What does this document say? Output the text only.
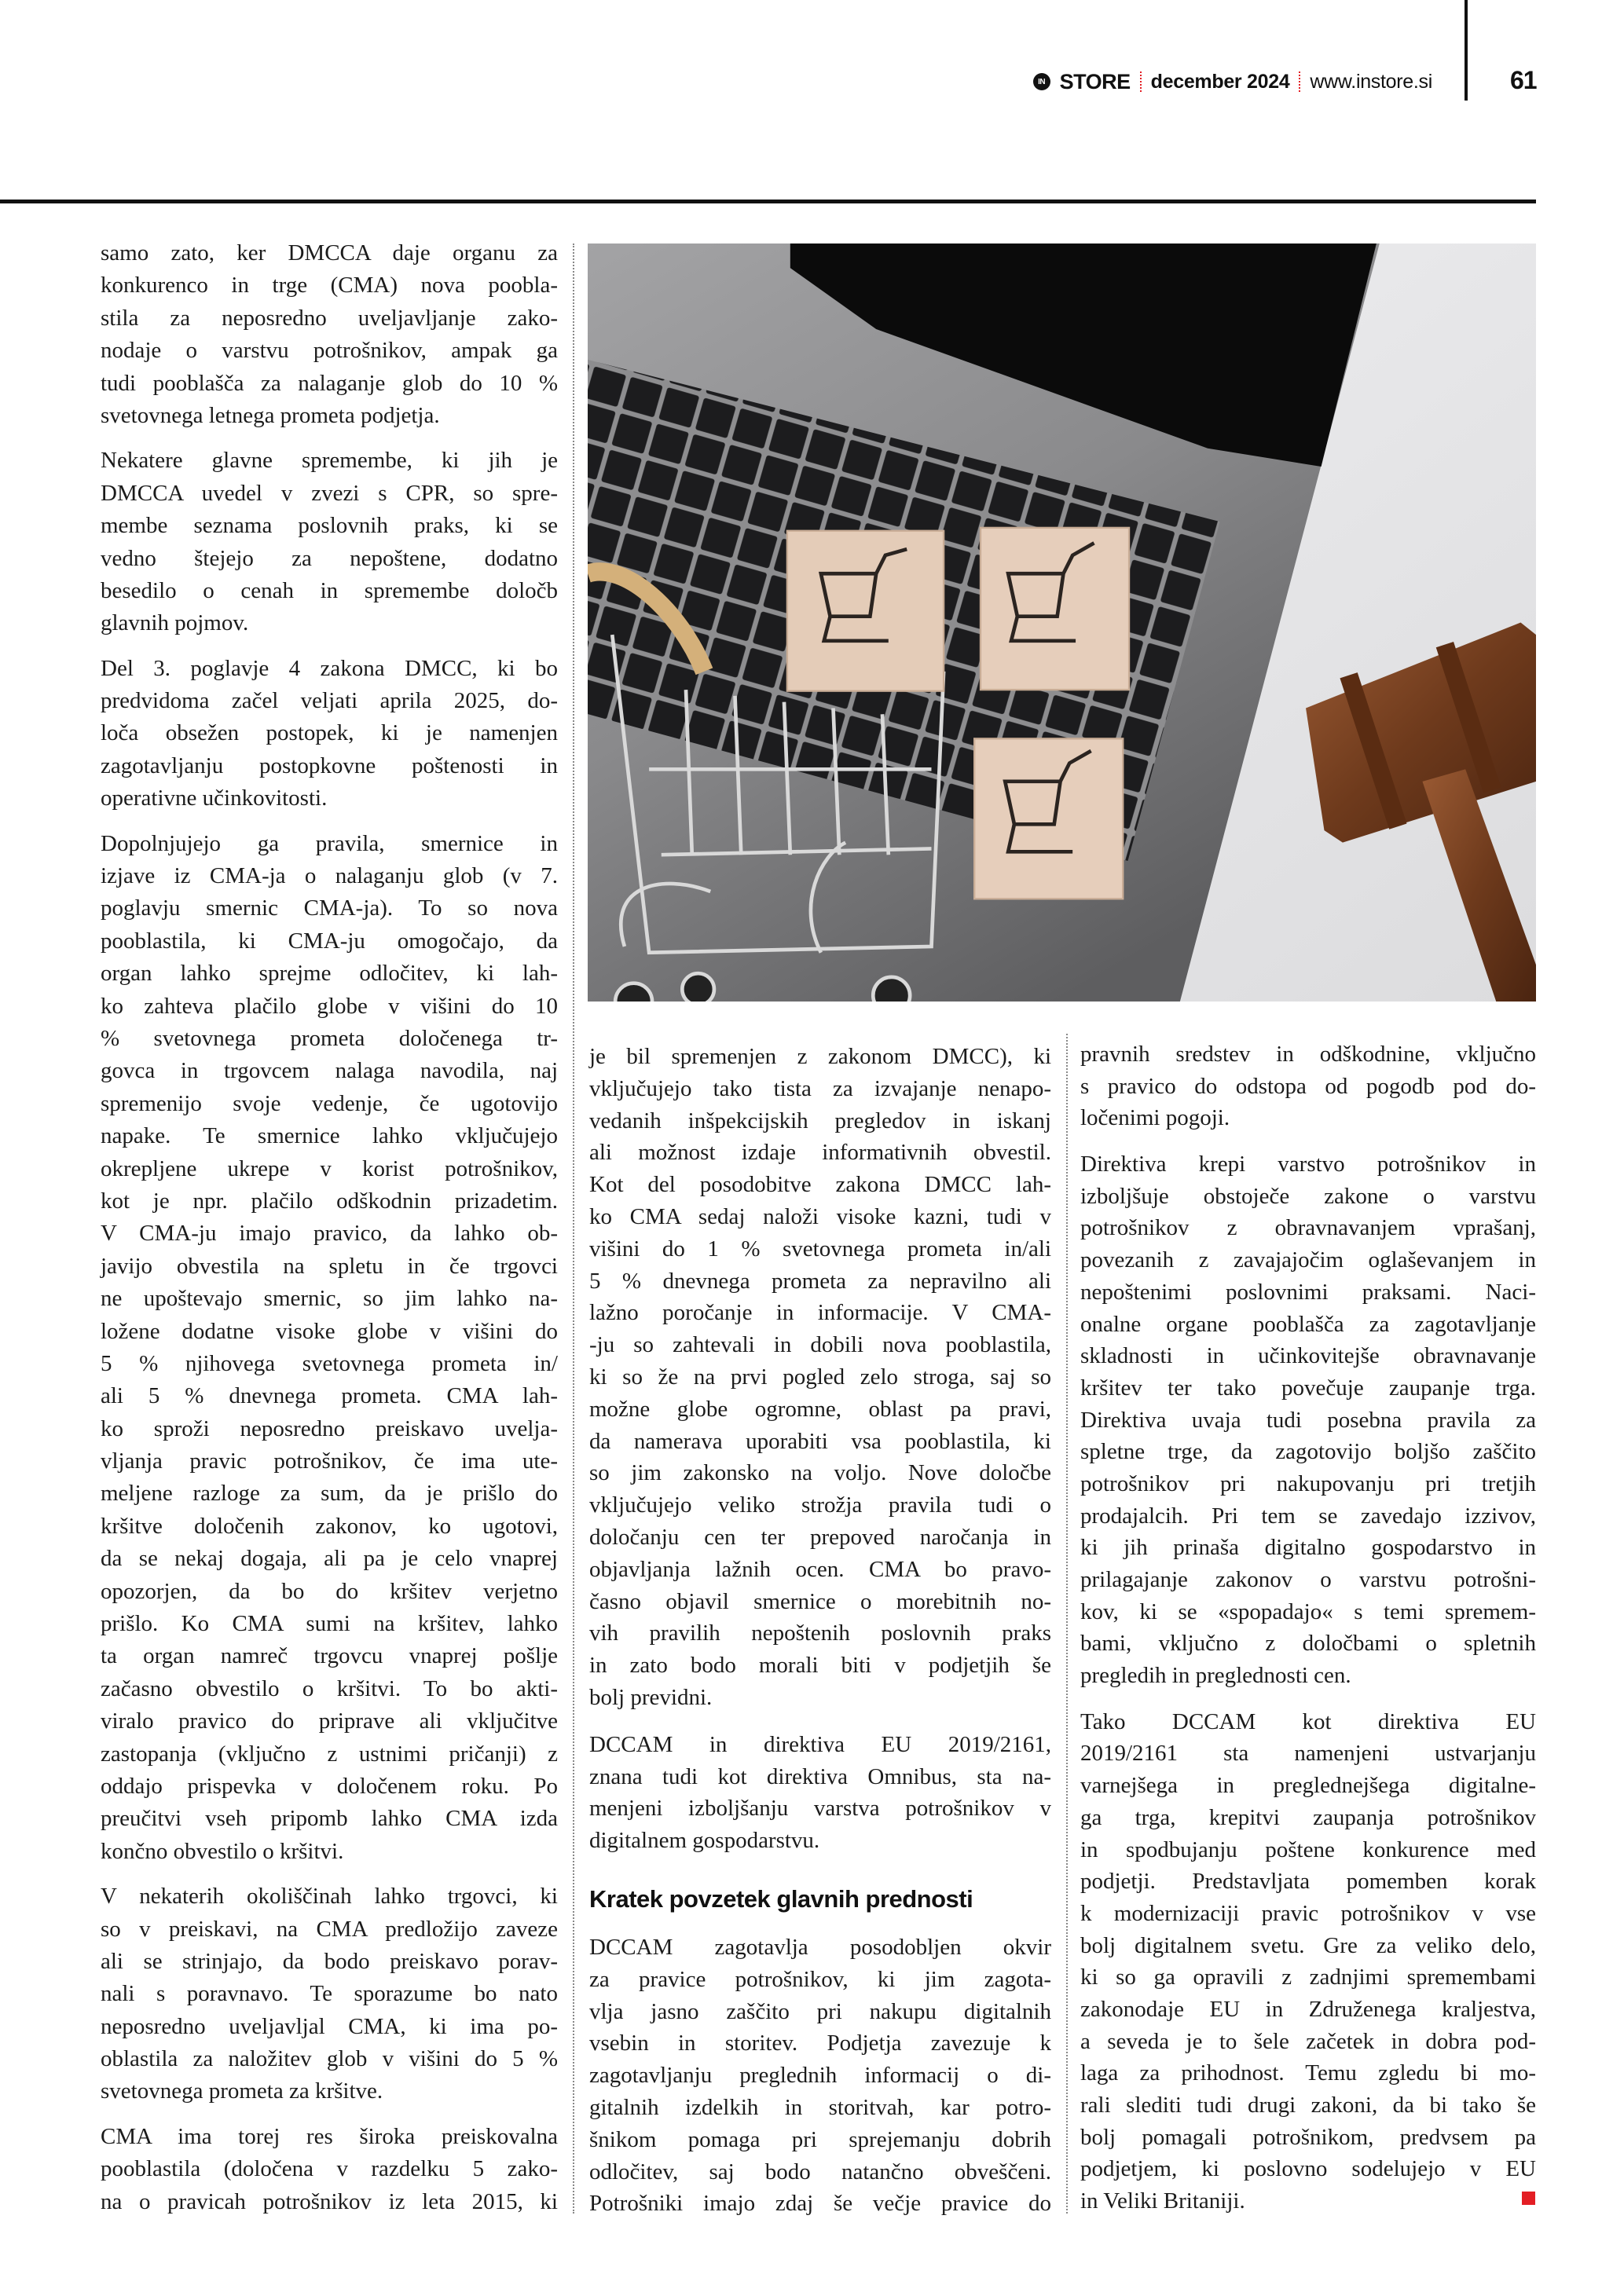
IN STORE december 2024 www.instore.si	61
samo zato, ker DMCCA daje organu za
konkurenco in trge (CMA) nova poobla-
stila za neposredno uveljavljanje zako-
nodaje o varstvu potrošnikov, ampak ga
tudi pooblašča za nalaganje glob do 10 %
svetovnega letnega prometa podjetja.
Nekatere glavne spremembe, ki jih je
DMCCA uvedel v zvezi s CPR, so spre-
membe seznama poslovnih praks, ki se
vedno štejejo za nepoštene, dodatno
besedilo o cenah in spremembe določb
glavnih pojmov.
Del 3. poglavje 4 zakona DMCC, ki bo
predvidoma začel veljati aprila 2025, do-
loča obsežen postopek, ki je namenjen
zagotavljanju postopkovne poštenosti in
operativne učinkovitosti.
Dopolnjujejo ga pravila, smernice in
izjave iz CMA-ja o nalaganju glob (v 7.
poglavju smernic CMA-ja). To so nova
pooblastila, ki CMA-ju omogočajo, da
organ lahko sprejme odločitev, ki lah-
ko zahteva plačilo globe v višini do 10
% svetovnega prometa določenega tr-
govca in trgovcem nalaga navodila, naj
spremenijo svoje vedenje, če ugotovijo
napake. Te smernice lahko vključujejo
okrepljene ukrepe v korist potrošnikov,
kot je npr. plačilo odškodnin prizadetim.
V CMA-ju imajo pravico, da lahko ob-
javijo obvestila na spletu in če trgovci
ne upoštevajo smernic, so jim lahko na-
ložene dodatne visoke globe v višini do
5 % njihovega svetovnega prometa in/
ali 5 % dnevnega prometa. CMA lah-
ko sproži neposredno preiskavo uvelja-
vljanja pravic potrošnikov, če ima ute-
meljene razloge za sum, da je prišlo do
kršitve določenih zakonov, ko ugotovi,
da se nekaj dogaja, ali pa je celo vnaprej
opozorjen, da bo do kršitev verjetno
prišlo. Ko CMA sumi na kršitev, lahko
ta organ namreč trgovcu vnaprej pošlje
začasno obvestilo o kršitvi. To bo akti-
viralo pravico do priprave ali vključitve
zastopanja (vključno z ustnimi pričanji) z
oddajo prispevka v določenem roku. Po
preučitvi vseh pripomb lahko CMA izda
končno obvestilo o kršitvi.
V nekaterih okoliščinah lahko trgovci, ki
so v preiskavi, na CMA predložijo zaveze
ali se strinjajo, da bodo preiskavo porav-
nali s poravnavo. Te sporazume bo nato
neposredno uveljavljal CMA, ki ima po-
oblastila za naložitev glob v višini do 5 %
svetovnega prometa za kršitve.
CMA ima torej res široka preiskovalna
pooblastila (določena v razdelku 5 zako-
na o pravicah potrošnikov iz leta 2015, ki
je bil spremenjen z zakonom DMCC), ki
vključujejo tako tista za izvajanje nenapo-
vedanih inšpekcijskih pregledov in iskanj
ali možnost izdaje informativnih obvestil.
Kot del posodobitve zakona DMCC lah-
ko CMA sedaj naloži visoke kazni, tudi v
višini do 1 % svetovnega prometa in/ali
5 % dnevnega prometa za nepravilno ali
lažno poročanje in informacije. V CMA-
-ju so zahtevali in dobili nova pooblastila,
ki so že na prvi pogled zelo stroga, saj so
možne globe ogromne, oblast pa pravi,
da namerava uporabiti vsa pooblastila, ki
so jim zakonsko na voljo. Nove določbe
vključujejo veliko strožja pravila tudi o
določanju cen ter prepoved naročanja in
objavljanja lažnih ocen. CMA bo pravo-
časno objavil smernice o morebitnih no-
vih pravilih nepoštenih poslovnih praks
in zato bodo morali biti v podjetjih še
bolj previdni.
DCCAM in direktiva EU 2019/2161,
znana tudi kot direktiva Omnibus, sta na-
menjeni izboljšanju varstva potrošnikov v
digitalnem gospodarstvu.
Kratek povzetek glavnih prednosti
DCCAM zagotavlja posodobljen okvir
za pravice potrošnikov, ki jim zagota-
vlja jasno zaščito pri nakupu digitalnih
vsebin in storitev. Podjetja zavezuje k
zagotavljanju preglednih informacij o di-
gitalnih izdelkih in storitvah, kar potro-
šnikom pomaga pri sprejemanju dobrih
odločitev, saj bodo natančno obveščeni.
Potrošniki imajo zdaj še večje pravice do
pravnih sredstev in odškodnine, vključno
s pravico do odstopa od pogodb pod do-
ločenimi pogoji.
Direktiva krepi varstvo potrošnikov in
izboljšuje obstoječe zakone o varstvu
potrošnikov z obravnavanjem vprašanj,
povezanih z zavajajočim oglaševanjem in
nepoštenimi poslovnimi praksami. Naci-
onalne organe pooblašča za zagotavljanje
skladnosti in učinkovitejše obravnavanje
kršitev ter tako povečuje zaupanje trga.
Direktiva uvaja tudi posebna pravila za
spletne trge, da zagotovijo boljšo zaščito
potrošnikov pri nakupovanju pri tretjih
prodajalcih. Pri tem se zavedajo izzivov,
ki jih prinaša digitalno gospodarstvo in
prilagajanje zakonov o varstvu potrošni-
kov, ki se «spopadajo« s temi spremem-
bami, vključno z določbami o spletnih
pregledih in preglednosti cen.
Tako DCCAM kot direktiva EU
2019/2161 sta namenjeni ustvarjanju
varnejšega in preglednejšega digitalne-
ga trga, krepitvi zaupanja potrošnikov
in spodbujanju poštene konkurence med
podjetji. Predstavljata pomemben korak
k modernizaciji pravic potrošnikov v vse
bolj digitalnem svetu. Gre za veliko delo,
ki so ga opravili z zadnjimi spremembami
zakonodaje EU in Združenega kraljestva,
a seveda je to šele začetek in dobra pod-
laga za prihodnost. Temu zgledu bi mo-
rali slediti tudi drugi zakoni, da bi tako še
bolj pomagali potrošnikom, predvsem pa
podjetjem, ki poslovno sodelujejo v EU
in Veliki Britaniji.
